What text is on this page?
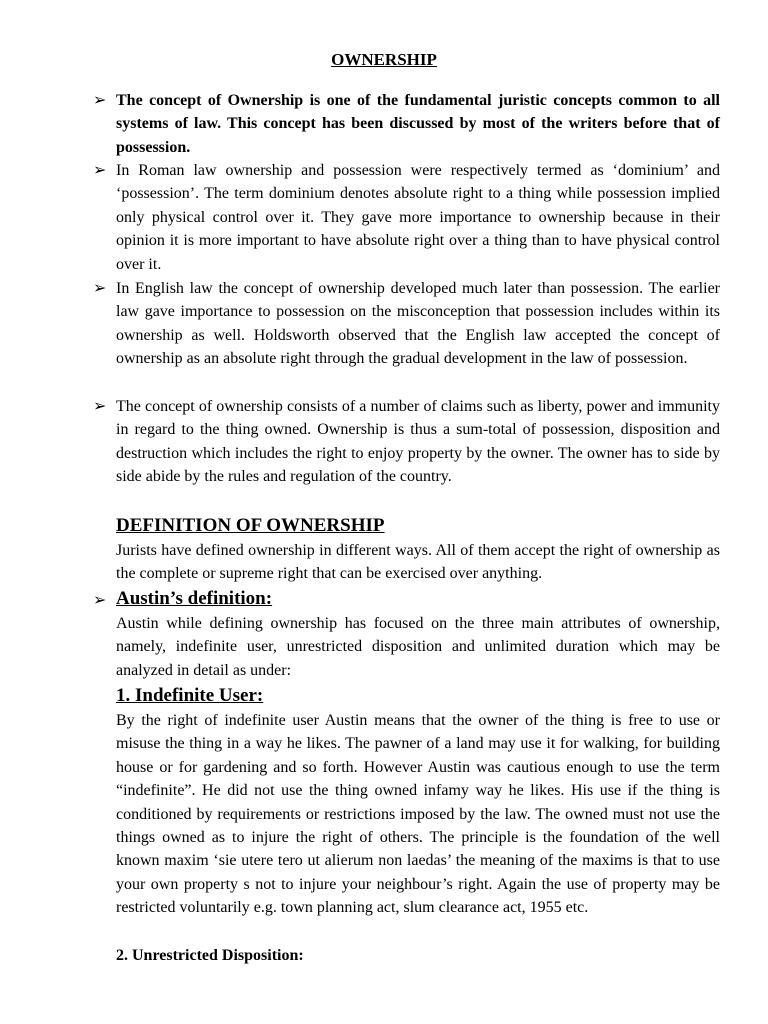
OWNERSHIP
➢ The concept of Ownership is one of the fundamental juristic concepts common to all systems of law. This concept has been discussed by most of the writers before that of possession.

➢ In Roman law ownership and possession were respectively termed as ‘dominium’ and ‘possession’. The term dominium denotes absolute right to a thing while possession implied only physical control over it. They gave more importance to ownership because in their opinion it is more important to have absolute right over a thing than to have physical control over it.

➢ In English law the concept of ownership developed much later than possession. The earlier law gave importance to possession on the misconception that possession includes within its ownership as well. Holdsworth observed that the English law accepted the concept of ownership as an absolute right through the gradual development in the law of possession.

➢ The concept of ownership consists of a number of claims such as liberty, power and immunity in regard to the thing owned. Ownership is thus a sum-total of possession, disposition and destruction which includes the right to enjoy property by the owner. The owner has to side by side abide by the rules and regulation of the country.

DEFINITION OF OWNERSHIP

Jurists have defined ownership in different ways. All of them accept the right of ownership as the complete or supreme right that can be exercised over anything.

➢ Austin’s definition:

Austin while defining ownership has focused on the three main attributes of ownership, namely, indefinite user, unrestricted disposition and unlimited duration which may be analyzed in detail as under:

1. Indefinite User:

By the right of indefinite user Austin means that the owner of the thing is free to use or misuse the thing in a way he likes. The pawner of a land may use it for walking, for building house or for gardening and so forth. However Austin was cautious enough to use the term “indefinite”. He did not use the thing owned infamy way he likes. His use if the thing is conditioned by requirements or restrictions imposed by the law. The owned must not use the things owned as to injure the right of others. The principle is the foundation of the well known maxim ‘sie utere tero ut alierum non laedas’ the meaning of the maxims is that to use your own property s not to injure your neighbour’s right. Again the use of property may be restricted voluntarily e.g. town planning act, slum clearance act, 1955 etc.

2. Unrestricted Disposition:
